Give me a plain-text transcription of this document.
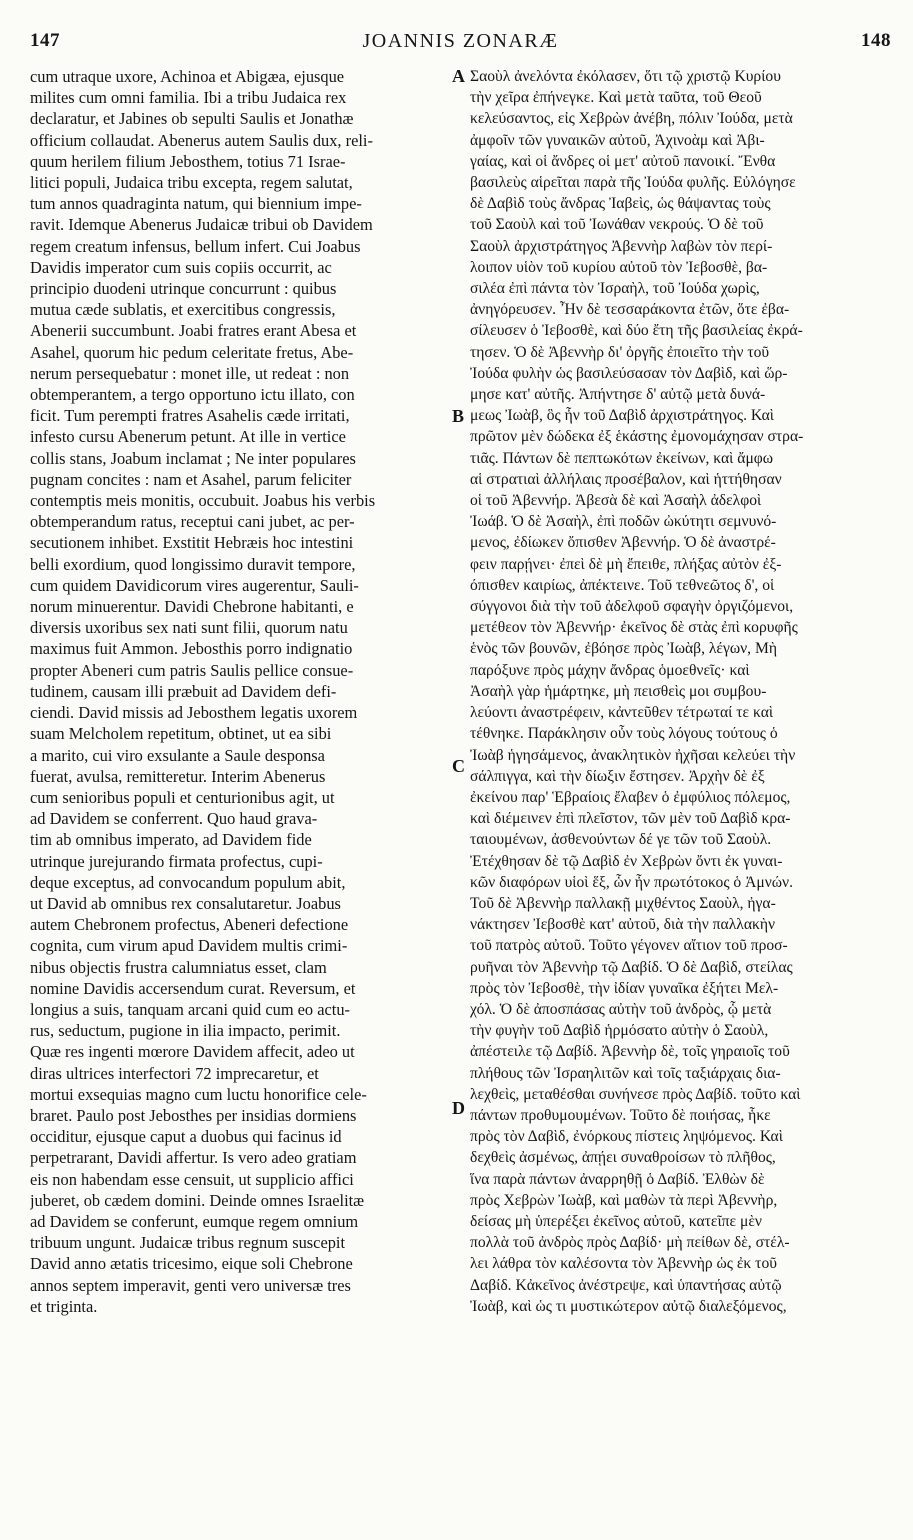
147	JOANNIS ZONARÆ	148
cum utraque uxore, Achinoa et Abigæa, ejusque
milites cum omni familia. Ibi a tribu Judaica rex
declaratur, et Jabines ob sepulti Saulis et Jonathæ
officium collaudat. Abenerus autem Saulis dux, reli-
quum herilem filium Jebosthem, totius 71 Israe-
litici populi, Judaica tribu excepta, regem salutat,
tum annos quadraginta natum, qui biennium impe-
ravit. Idemque Abenerus Judaicæ tribui ob Davidem
regem creatum infensus, bellum infert. Cui Joabus
Davidis imperator cum suis copiis occurrit, ac
principio duodeni utrinque concurrunt : quibus
mutua cæde sublatis, et exercitibus congressis,
Abenerii succumbunt. Joabi fratres erant Abesa et
Asahel, quorum hic pedum celeritate fretus, Abe-
nerum persequebatur : monet ille, ut redeat : non
obtemperantem, a tergo opportuno ictu illato, con
ficit. Tum perempti fratres Asahelis cæde irritati,
infesto cursu Abenerum petunt. At ille in vertice
collis stans, Joabum inclamat ; Ne inter populares
pugnam concites : nam et Asahel, parum feliciter
contemptis meis monitis, occubuit. Joabus his verbis
obtemperandum ratus, receptui cani jubet, ac per-
secutionem inhibet. Exstitit Hebræis hoc intestini
belli exordium, quod longissimo duravit tempore,
cum quidem Davidicorum vires augerentur, Sauli-
norum minuerentur. Davidi Chebrone habitanti, e
diversis uxoribus sex nati sunt filii, quorum natu
maximus fuit Ammon. Jebosthis porro indignatio
propter Abeneri cum patris Saulis pellice consue-
tudinem, causam illi præbuit ad Davidem defi-
ciendi. David missis ad Jebosthem legatis uxorem
suam Melcholem repetitum, obtinet, ut ea sibi
a marito, cui viro exsulante a Saule desponsa
fuerat, avulsa, remitteretur. Interim Abenerus
cum senioribus populi et centurionibus agit, ut
ad Davidem se conferrent. Quo haud grava-
tim ab omnibus imperato, ad Davidem fide
utrinque jurejurando firmata profectus, cupi-
deque exceptus, ad convocandum populum abit,
ut David ab omnibus rex consalutaretur. Joabus
autem Chebronem profectus, Abeneri defectione
cognita, cum virum apud Davidem multis crimi-
nibus objectis frustra calumniatus esset, clam
nomine Davidis accersendum curat. Reversum, et
longius a suis, tanquam arcani quid cum eo actu-
rus, seductum, pugione in ilia impacto, perimit.
Quæ res ingenti mœrore Davidem affecit, adeo ut
diras ultrices interfectori 72 imprecaretur, et
mortui exsequias magno cum luctu honorifice cele-
braret. Paulo post Jebosthes per insidias dormiens
occiditur, ejusque caput a duobus qui facinus id
perpetrarant, Davidi affertur. Is vero adeo gratiam
eis non habendam esse censuit, ut supplicio affici
juberet, ob cædem domini. Deinde omnes Israelitæ
ad Davidem se conferunt, eumque regem omnium
tribuum ungunt. Judaicæ tribus regnum suscepit
David anno ætatis tricesimo, eique soli Chebrone
annos septem imperavit, genti vero universæ tres
et triginta.
A
B
C
D
Σαοὺλ ἀνελόντα ἐκόλασεν, ὅτι τῷ χριστῷ Κυρίου
τὴν χεῖρα ἐπήνεγκε. Καὶ μετὰ ταῦτα, τοῦ Θεοῦ
κελεύσαντος, εἰς Χεβρὼν ἀνέβη, πόλιν Ἰούδα, μετὰ
ἀμφοῖν τῶν γυναικῶν αὐτοῦ, Ἀχινοὰμ καὶ Ἀβι-
γαίας, καὶ οἱ ἄνδρες οἱ μετ' αὐτοῦ πανοικί. Ἔνθα
βασιλεὺς αἱρεῖται παρὰ τῆς Ἰούδα φυλῆς. Εὐλόγησε
δὲ Δαβὶδ τοὺς ἄνδρας Ἰαβεὶς, ὡς θάψαντας τοὺς
τοῦ Σαοὺλ καὶ τοῦ Ἰωνάθαν νεκρούς. Ὁ δὲ τοῦ
Σαοὺλ ἀρχιστράτηγος Ἀβεννὴρ λαβὼν τὸν περί-
λοιπον υἱὸν τοῦ κυρίου αὐτοῦ τὸν Ἰεβοσθὲ, βα-
σιλέα ἐπὶ πάντα τὸν Ἰσραὴλ, τοῦ Ἰούδα χωρὶς,
ἀνηγόρευσεν. Ἦν δὲ τεσσαράκοντα ἐτῶν, ὅτε ἐβα-
σίλευσεν ὁ Ἰεβοσθὲ, καὶ δύο ἔτη τῆς βασιλείας ἐκρά-
τησεν. Ὁ δὲ Ἀβεννὴρ δι' ὀργῆς ἐποιεῖτο τὴν τοῦ
Ἰούδα φυλὴν ὡς βασιλεύσασαν τὸν Δαβὶδ, καὶ ὥρ-
μησε κατ' αὐτῆς. Ἀπήντησε δ' αὐτῷ μετὰ δυνά-
μεως Ἰωὰβ, ὃς ἦν τοῦ Δαβὶδ ἀρχιστράτηγος. Καὶ
πρῶτον μὲν δώδεκα ἐξ ἑκάστης ἐμονομάχησαν στρα-
τιᾶς. Πάντων δὲ πεπτωκότων ἐκείνων, καὶ ἄμφω
αἱ στρατιαὶ ἀλλήλαις προσέβαλον, καὶ ἡττήθησαν
οἱ τοῦ Ἀβεννήρ. Ἀβεσὰ δὲ καὶ Ἀσαὴλ ἀδελφοὶ
Ἰωάβ. Ὁ δὲ Ἀσαὴλ, ἐπὶ ποδῶν ὠκύτητι σεμνυνό-
μενος, ἐδίωκεν ὄπισθεν Ἀβεννήρ. Ὁ δὲ ἀναστρέ-
φειν παρῄνει· ἐπεὶ δὲ μὴ ἔπειθε, πλήξας αὐτὸν ἐξ-
όπισθεν καιρίως, ἀπέκτεινε. Τοῦ τεθνεῶτος δ', οἱ
σύγγονοι διὰ τὴν τοῦ ἀδελφοῦ σφαγὴν ὀργιζόμενοι,
μετέθεον τὸν Ἀβεννήρ· ἐκεῖνος δὲ στὰς ἐπὶ κορυφῆς
ἑνὸς τῶν βουνῶν, ἐβόησε πρὸς Ἰωὰβ, λέγων, Μὴ
παρόξυνε πρὸς μάχην ἄνδρας ὁμοεθνεῖς· καὶ
Ἀσαὴλ γὰρ ἡμάρτηκε, μὴ πεισθεὶς μοι συμβου-
λεύοντι ἀναστρέφειν, κἀντεῦθεν τέτρωταί τε καὶ
τέθνηκε. Παράκλησιν οὖν τοὺς λόγους τούτους ὁ
Ἰωὰβ ἡγησάμενος, ἀνακλητικὸν ἠχῆσαι κελεύει τὴν
σάλπιγγα, καὶ τὴν δίωξιν ἔστησεν. Ἀρχὴν δὲ ἐξ
ἐκείνου παρ' Ἑβραίοις ἔλαβεν ὁ ἐμφύλιος πόλεμος,
καὶ διέμεινεν ἐπὶ πλεῖστον, τῶν μὲν τοῦ Δαβὶδ κρα-
ταιουμένων, ἀσθενούντων δέ γε τῶν τοῦ Σαοὺλ.
Ἐτέχθησαν δὲ τῷ Δαβὶδ ἐν Χεβρὼν ὄντι ἐκ γυναι-
κῶν διαφόρων υἱοὶ ἕξ, ὧν ἦν πρωτότοκος ὁ Ἀμνών.
Τοῦ δὲ Ἀβεννὴρ παλλακῇ μιχθέντος Σαοὺλ, ἠγα-
νάκτησεν Ἰεβοσθὲ κατ' αὐτοῦ, διὰ τὴν παλλακὴν
τοῦ πατρὸς αὐτοῦ. Τοῦτο γέγονεν αἴτιον τοῦ προσ-
ρυῆναι τὸν Ἀβεννὴρ τῷ Δαβίδ. Ὁ δὲ Δαβὶδ, στείλας
πρὸς τὸν Ἰεβοσθὲ, τὴν ἰδίαν γυναῖκα ἐξήτει Μελ-
χόλ. Ὁ δὲ ἀποσπάσας αὐτὴν τοῦ ἀνδρὸς, ᾧ μετὰ
τὴν φυγὴν τοῦ Δαβὶδ ἡρμόσατο αὐτὴν ὁ Σαοὺλ,
ἀπέστειλε τῷ Δαβίδ. Ἀβεννὴρ δὲ, τοῖς γηραιοῖς τοῦ
πλήθους τῶν Ἰσραηλιτῶν καὶ τοῖς ταξιάρχαις δια-
λεχθεὶς, μεταθέσθαι συνήνεσε πρὸς Δαβίδ. τοῦτο καὶ
πάντων προθυμουμένων. Τοῦτο δὲ ποιήσας, ἧκε
πρὸς τὸν Δαβὶδ, ἐνόρκους πίστεις ληψόμενος. Καὶ
δεχθεὶς ἀσμένως, ἀπῄει συναθροίσων τὸ πλῆθος,
ἵνα παρὰ πάντων ἀναρρηθῇ ὁ Δαβίδ. Ἐλθὼν δὲ
πρὸς Χεβρὼν Ἰωὰβ, καὶ μαθὼν τὰ περὶ Ἀβεννὴρ,
δείσας μὴ ὑπερέξει ἐκεῖνος αὐτοῦ, κατεῖπε μὲν
πολλὰ τοῦ ἀνδρὸς πρὸς Δαβίδ· μὴ πείθων δὲ, στέλ-
λει λάθρα τὸν καλέσοντα τὸν Ἀβεννὴρ ὡς ἐκ τοῦ
Δαβίδ. Κἀκεῖνος ἀνέστρεψε, καὶ ὑπαντήσας αὐτῷ
Ἰωὰβ, καὶ ὡς τι μυστικώτερον αὐτῷ διαλεξόμενος,
